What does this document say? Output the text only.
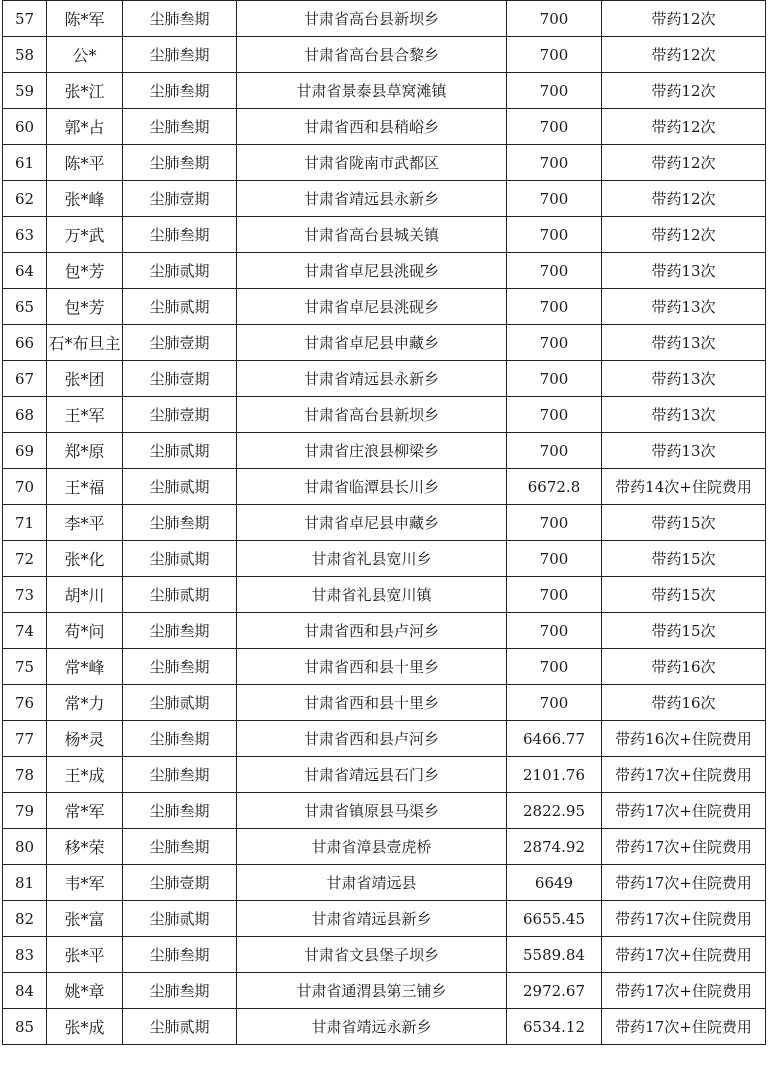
57	陈*军	尘肺叁期	甘肃省高台县新坝乡	700	带药12次
58	公*	尘肺叁期	甘肃省高台县合黎乡	700	带药12次
59	张*江	尘肺叁期	甘肃省景泰县草窝滩镇	700	带药12次
60	郭*占	尘肺叁期	甘肃省西和县稍峪乡	700	带药12次
61	陈*平	尘肺叁期	甘肃省陇南市武都区	700	带药12次
62	张*峰	尘肺壹期	甘肃省靖远县永新乡	700	带药12次
63	万*武	尘肺叁期	甘肃省高台县城关镇	700	带药12次
64	包*芳	尘肺贰期	甘肃省卓尼县洮砚乡	700	带药13次
65	包*芳	尘肺贰期	甘肃省卓尼县洮砚乡	700	带药13次
66	石*布旦主	尘肺壹期	甘肃省卓尼县申藏乡	700	带药13次
67	张*团	尘肺壹期	甘肃省靖远县永新乡	700	带药13次
68	王*军	尘肺壹期	甘肃省高台县新坝乡	700	带药13次
69	郑*原	尘肺贰期	甘肃省庄浪县柳梁乡	700	带药13次
70	王*福	尘肺贰期	甘肃省临潭县长川乡	6672.8	带药14次+住院费用
71	李*平	尘肺叁期	甘肃省卓尼县申藏乡	700	带药15次
72	张*化	尘肺贰期	甘肃省礼县宽川乡	700	带药15次
73	胡*川	尘肺贰期	甘肃省礼县宽川镇	700	带药15次
74	苟*问	尘肺叁期	甘肃省西和县卢河乡	700	带药15次
75	常*峰	尘肺叁期	甘肃省西和县十里乡	700	带药16次
76	常*力	尘肺贰期	甘肃省西和县十里乡	700	带药16次
77	杨*灵	尘肺叁期	甘肃省西和县卢河乡	6466.77	带药16次+住院费用
78	王*成	尘肺叁期	甘肃省靖远县石门乡	2101.76	带药17次+住院费用
79	常*军	尘肺叁期	甘肃省镇原县马渠乡	2822.95	带药17次+住院费用
80	移*荣	尘肺叁期	甘肃省漳县壹虎桥	2874.92	带药17次+住院费用
81	韦*军	尘肺壹期	甘肃省靖远县	6649	带药17次+住院费用
82	张*富	尘肺贰期	甘肃省靖远县新乡	6655.45	带药17次+住院费用
83	张*平	尘肺叁期	甘肃省文县堡子坝乡	5589.84	带药17次+住院费用
84	姚*章	尘肺叁期	甘肃省通渭县第三铺乡	2972.67	带药17次+住院费用
85	张*成	尘肺贰期	甘肃省靖远永新乡	6534.12	带药17次+住院费用
